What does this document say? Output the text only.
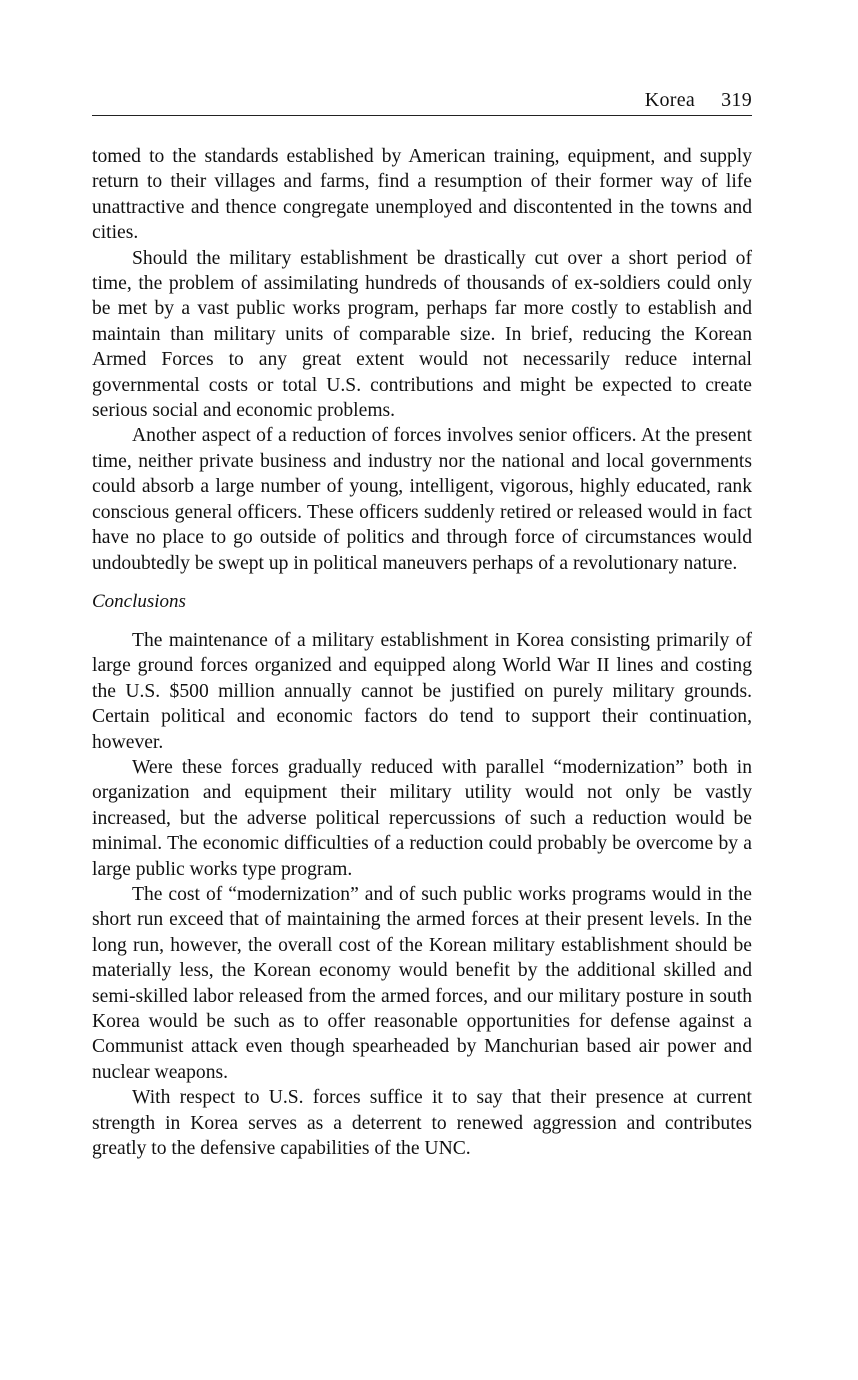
Korea 319

tomed to the standards established by American training, equipment, and supply return to their villages and farms, find a resumption of their former way of life unattractive and thence congregate unemployed and discontented in the towns and cities.

Should the military establishment be drastically cut over a short period of time, the problem of assimilating hundreds of thousands of ex-soldiers could only be met by a vast public works program, perhaps far more costly to establish and maintain than military units of comparable size. In brief, reducing the Korean Armed Forces to any great extent would not necessarily reduce internal governmental costs or total U.S. contributions and might be expected to create serious social and economic problems.

Another aspect of a reduction of forces involves senior officers. At the present time, neither private business and industry nor the national and local governments could absorb a large number of young, intelligent, vigorous, highly educated, rank conscious general officers. These officers suddenly retired or released would in fact have no place to go outside of politics and through force of circumstances would undoubtedly be swept up in political maneuvers perhaps of a revolutionary nature.

Conclusions

The maintenance of a military establishment in Korea consisting primarily of large ground forces organized and equipped along World War II lines and costing the U.S. $500 million annually cannot be justified on purely military grounds. Certain political and economic factors do tend to support their continuation, however.

Were these forces gradually reduced with parallel “modernization” both in organization and equipment their military utility would not only be vastly increased, but the adverse political repercussions of such a reduction would be minimal. The economic difficulties of a reduction could probably be overcome by a large public works type program.

The cost of “modernization” and of such public works programs would in the short run exceed that of maintaining the armed forces at their present levels. In the long run, however, the overall cost of the Korean military establishment should be materially less, the Korean economy would benefit by the additional skilled and semi-skilled labor released from the armed forces, and our military posture in south Korea would be such as to offer reasonable opportunities for defense against a Communist attack even though spearheaded by Manchurian based air power and nuclear weapons.

With respect to U.S. forces suffice it to say that their presence at current strength in Korea serves as a deterrent to renewed aggression and contributes greatly to the defensive capabilities of the UNC.
